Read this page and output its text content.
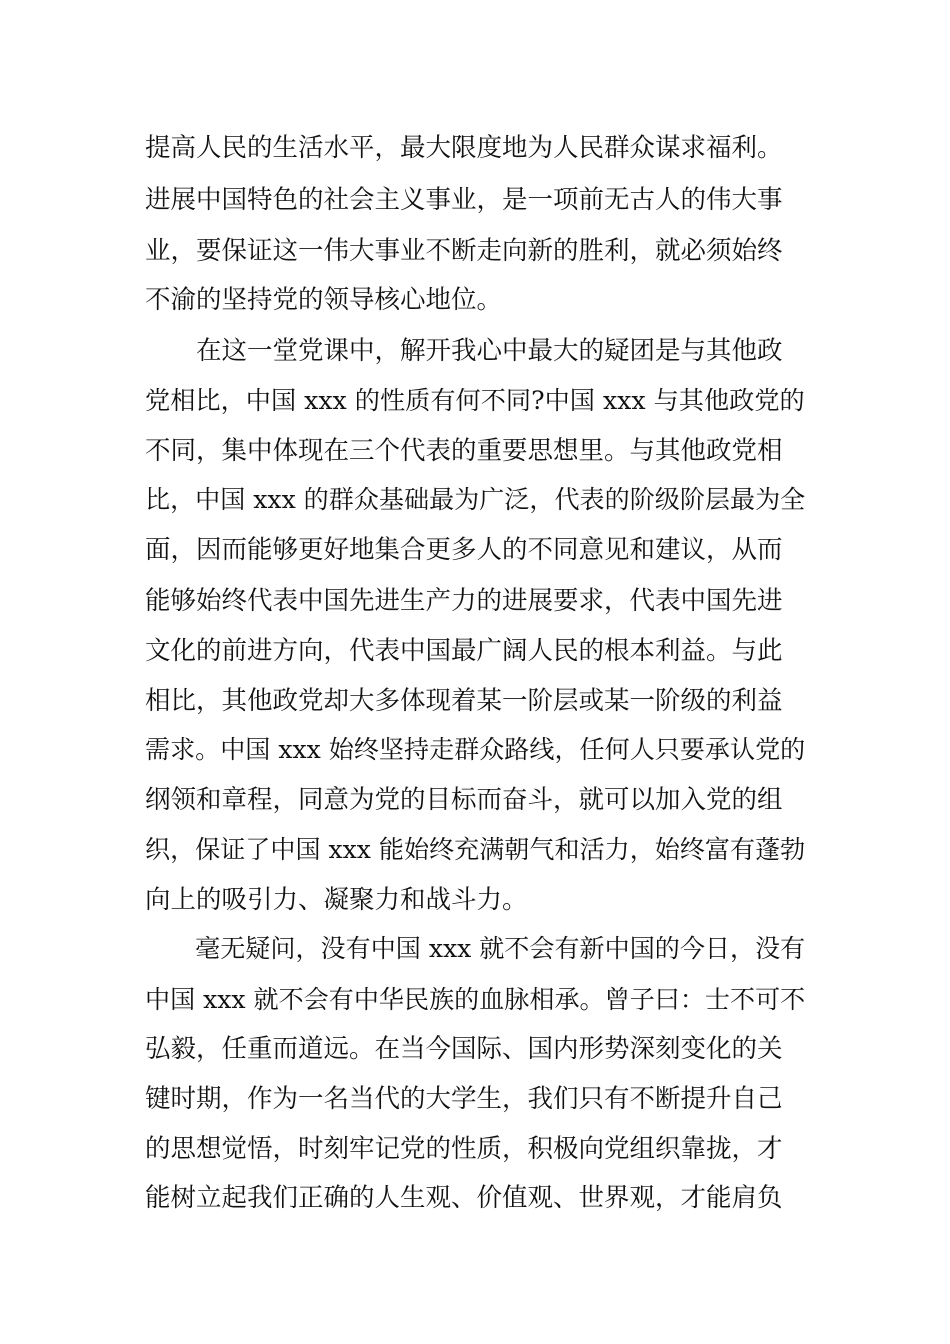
提高人民的生活水平，最大限度地为人民群众谋求福利。
进展中国特色的社会主义事业，是一项前无古人的伟大事
业，要保证这一伟大事业不断走向新的胜利，就必须始终
不渝的坚持党的领导核心地位。
　　在这一堂党课中，解开我心中最大的疑团是与其他政
党相比，中国 xxx 的性质有何不同?中国 xxx 与其他政党的
不同，集中体现在三个代表的重要思想里。与其他政党相
比，中国 xxx 的群众基础最为广泛，代表的阶级阶层最为全
面，因而能够更好地集合更多人的不同意见和建议，从而
能够始终代表中国先进生产力的进展要求，代表中国先进
文化的前进方向，代表中国最广阔人民的根本利益。与此
相比，其他政党却大多体现着某一阶层或某一阶级的利益
需求。中国 xxx 始终坚持走群众路线，任何人只要承认党的
纲领和章程，同意为党的目标而奋斗，就可以加入党的组
织，保证了中国 xxx 能始终充满朝气和活力，始终富有蓬勃
向上的吸引力、凝聚力和战斗力。
　　毫无疑问，没有中国 xxx 就不会有新中国的今日，没有
中国 xxx 就不会有中华民族的血脉相承。曾子曰：士不可不
弘毅，任重而道远。在当今国际、国内形势深刻变化的关
键时期，作为一名当代的大学生，我们只有不断提升自己
的思想觉悟，时刻牢记党的性质，积极向党组织靠拢，才
能树立起我们正确的人生观、价值观、世界观，才能肩负
